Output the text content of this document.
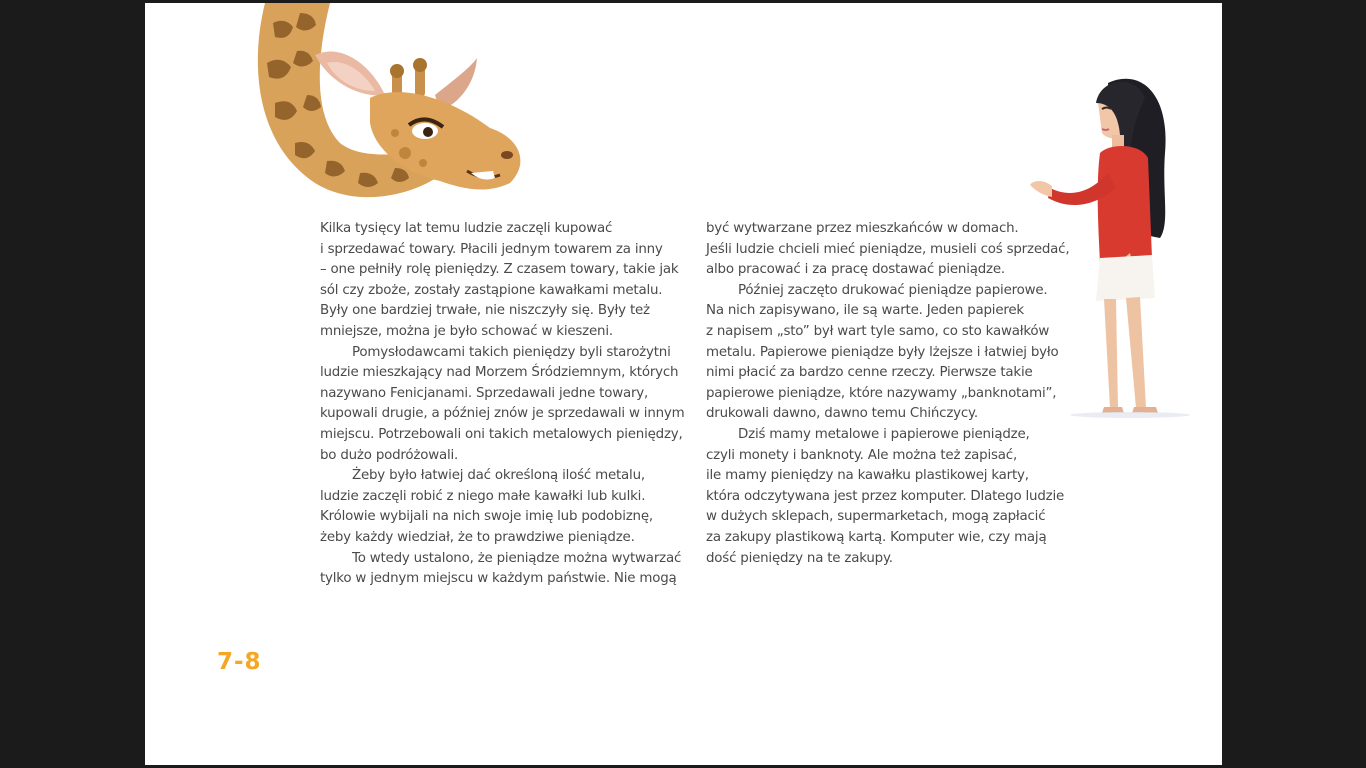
Kilka tysięcy lat temu ludzie zaczęli kupować

i sprzedawać towary. Płacili jednym towarem za inny

– one pełniły rolę pieniędzy. Z czasem towary, takie jak

sól czy zboże, zostały zastąpione kawałkami metalu.

Były one bardziej trwałe, nie niszczyły się. Były też

mniejsze, można je było schować w kieszeni.

Pomysłodawcami takich pieniędzy byli starożytni

ludzie mieszkający nad Morzem Śródziemnym, których

nazywano Fenicjanami. Sprzedawali jedne towary,

kupowali drugie, a później znów je sprzedawali w innym

miejscu. Potrzebowali oni takich metalowych pieniędzy,

bo dużo podróżowali.

Żeby było łatwiej dać określoną ilość metalu,

ludzie zaczęli robić z niego małe kawałki lub kulki.

Królowie wybijali na nich swoje imię lub podobiznę,

żeby każdy wiedział, że to prawdziwe pieniądze.

To wtedy ustalono, że pieniądze można wytwarzać

tylko w jednym miejscu w każdym państwie. Nie mogą

być wytwarzane przez mieszkańców w domach.

Jeśli ludzie chcieli mieć pieniądze, musieli coś sprzedać,

albo pracować i za pracę dostawać pieniądze.

Później zaczęto drukować pieniądze papierowe.

Na nich zapisywano, ile są warte. Jeden papierek

z napisem „sto” był wart tyle samo, co sto kawałków

metalu. Papierowe pieniądze były lżejsze i łatwiej było

nimi płacić za bardzo cenne rzeczy. Pierwsze takie

papierowe pieniądze, które nazywamy „banknotami”,

drukowali dawno, dawno temu Chińczycy.

Dziś mamy metalowe i papierowe pieniądze,

czyli monety i banknoty. Ale można też zapisać,

ile mamy pieniędzy na kawałku plastikowej karty,

która odczytywana jest przez komputer. Dlatego ludzie

w dużych sklepach, supermarketach, mogą zapłacić

za zakupy plastikową kartą. Komputer wie, czy mają

dość pieniędzy na te zakupy.

7-8
